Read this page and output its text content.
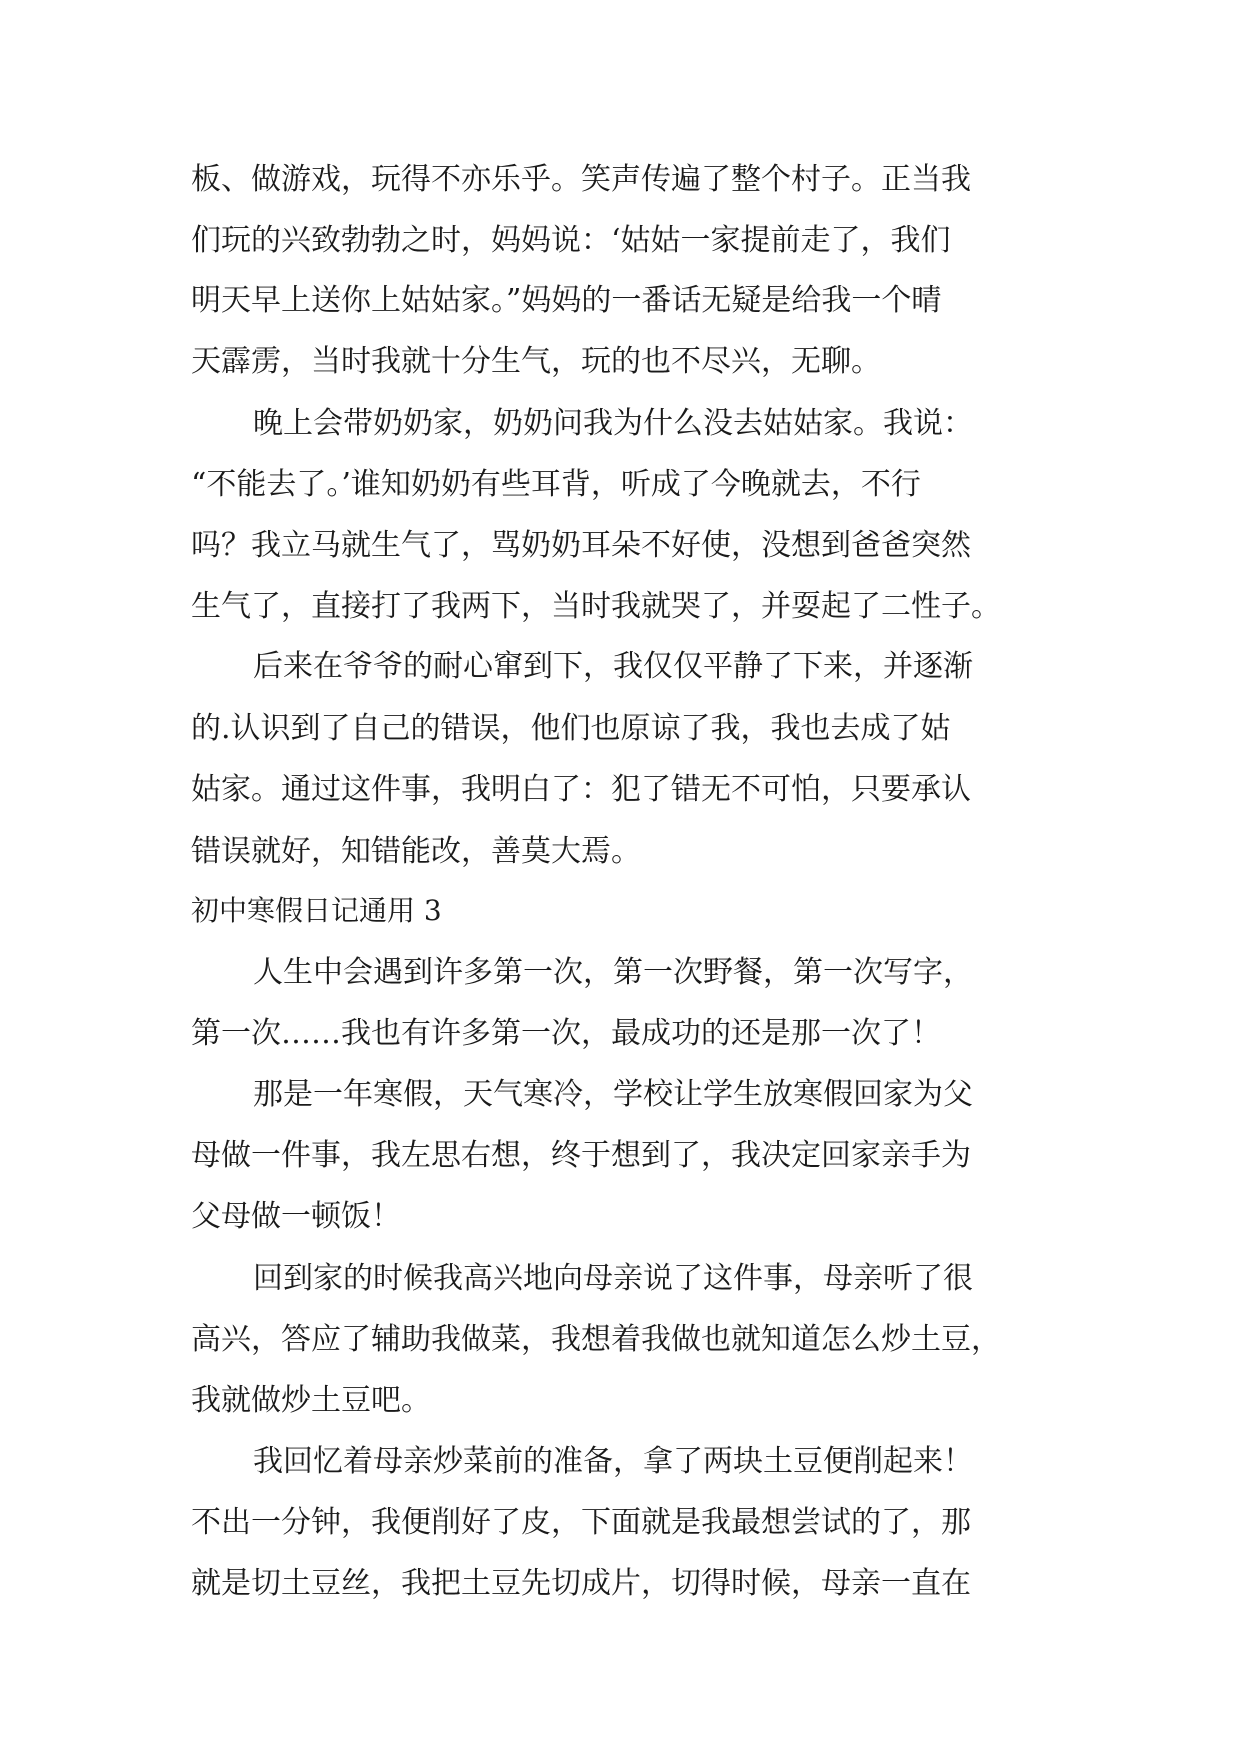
板、做游戏，玩得不亦乐乎。笑声传遍了整个村子。正当我
们玩的兴致勃勃之时，妈妈说：‘姑姑一家提前走了，我们
明天早上送你上姑姑家。”妈妈的一番话无疑是给我一个晴
天霹雳，当时我就十分生气，玩的也不尽兴，无聊。
晚上会带奶奶家，奶奶问我为什么没去姑姑家。我说：
“不能去了。’谁知奶奶有些耳背，听成了今晚就去，不行
吗？我立马就生气了，骂奶奶耳朵不好使，没想到爸爸突然
生气了，直接打了我两下，当时我就哭了，并耍起了二性子。
后来在爷爷的耐心窜到下，我仅仅平静了下来，并逐渐
的.认识到了自己的错误，他们也原谅了我，我也去成了姑
姑家。通过这件事，我明白了：犯了错无不可怕，只要承认
错误就好，知错能改，善莫大焉。
初中寒假日记通用 3
人生中会遇到许多第一次，第一次野餐，第一次写字，
第一次……我也有许多第一次，最成功的还是那一次了！
那是一年寒假，天气寒冷，学校让学生放寒假回家为父
母做一件事，我左思右想，终于想到了，我决定回家亲手为
父母做一顿饭！
回到家的时候我高兴地向母亲说了这件事，母亲听了很
高兴，答应了辅助我做菜，我想着我做也就知道怎么炒土豆，
我就做炒土豆吧。
我回忆着母亲炒菜前的准备，拿了两块土豆便削起来！
不出一分钟，我便削好了皮，下面就是我最想尝试的了，那
就是切土豆丝，我把土豆先切成片，切得时候，母亲一直在
